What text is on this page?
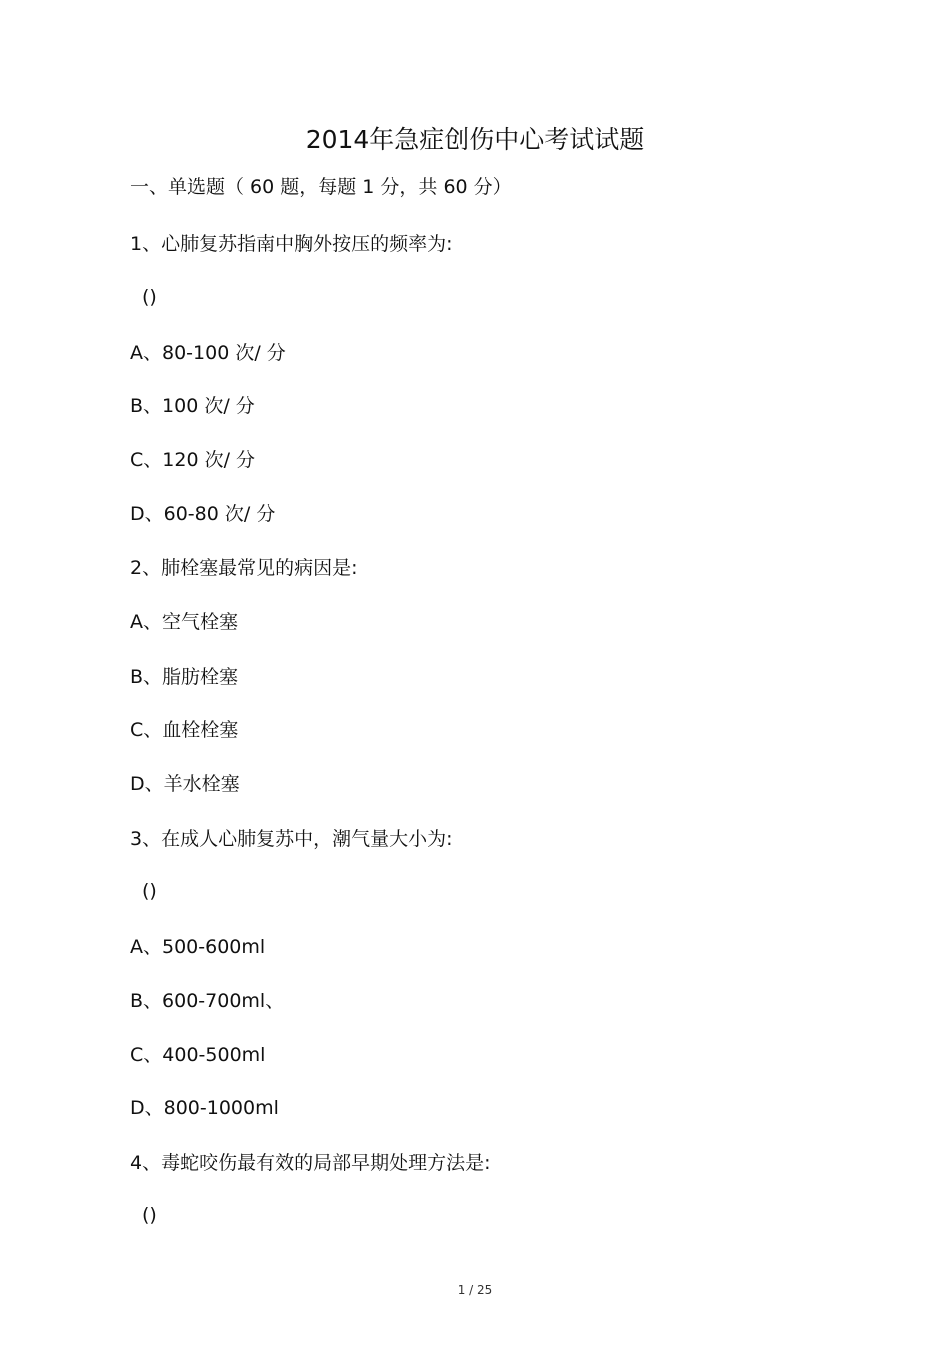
2014年急症创伤中心考试试题
一、单选题（ 60 题，每题 1 分，共 60 分）
1、心肺复苏指南中胸外按压的频率为:
()
A、80-100 次/ 分
B、100 次/ 分
C、120 次/ 分
D、60-80 次/ 分
2、肺栓塞最常见的病因是:
A、空气栓塞
B、脂肪栓塞
C、血栓栓塞
D、羊水栓塞
3、在成人心肺复苏中，潮气量大小为:
()
A、500-600ml
B、600-700ml、
C、400-500ml
D、800-1000ml
4、毒蛇咬伤最有效的局部早期处理方法是:
()
1 / 25
